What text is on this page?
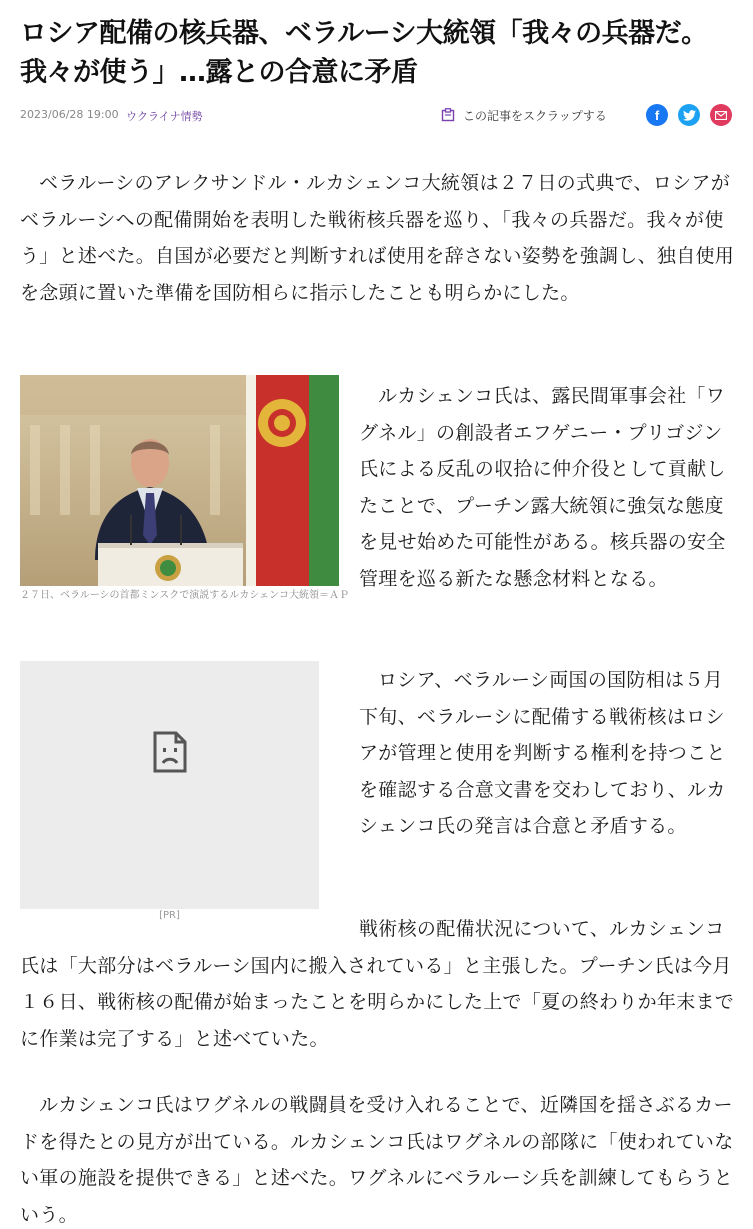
ロシア配備の核兵器、ベラルーシ大統領「我々の兵器だ。
我々が使う」…露との合意に矛盾
2023/06/28 19:00 ウクライナ情勢	この記事をスクラップする	f

ベラルーシのアレクサンドル・ルカシェンコ大統領は２７日の式典で、ロシアがベラルーシへの配備開始を表明した戦術核兵器を巡り、「我々の兵器だ。我々が使う」と述べた。自国が必要だと判断すれば使用を辞さない姿勢を強調し、独自使用を念頭に置いた準備を国防相らに指示したことも明らかにした。

２７日、ベラルーシの首都ミンスクで演説するルカシェンコ大統領＝ＡＰ

ルカシェンコ氏は、露民間軍事会社「ワグネル」の創設者エフゲニー・プリゴジン氏による反乱の収拾に仲介役として貢献したことで、プーチン露大統領に強気な態度を見せ始めた可能性がある。核兵器の安全管理を巡る新たな懸念材料となる。

[PR]

ロシア、ベラルーシ両国の国防相は５月下旬、ベラルーシに配備する戦術核はロシアが管理と使用を判断する権利を持つことを確認する合意文書を交わしており、ルカシェンコ氏の発言は合意と矛盾する。

戦術核の配備状況について、ルカシェンコ氏は「大部分はベラルーシ国内に搬入されている」と主張した。プーチン氏は今月１６日、戦術核の配備が始まったことを明らかにした上で「夏の終わりか年末までに作業は完了する」と述べていた。

ルカシェンコ氏はワグネルの戦闘員を受け入れることで、近隣国を揺さぶるカードを得たとの見方が出ている。ルカシェンコ氏はワグネルの部隊に「使われていない軍の施設を提供できる」と述べた。ワグネルにベラルーシ兵を訓練してもらうという。
